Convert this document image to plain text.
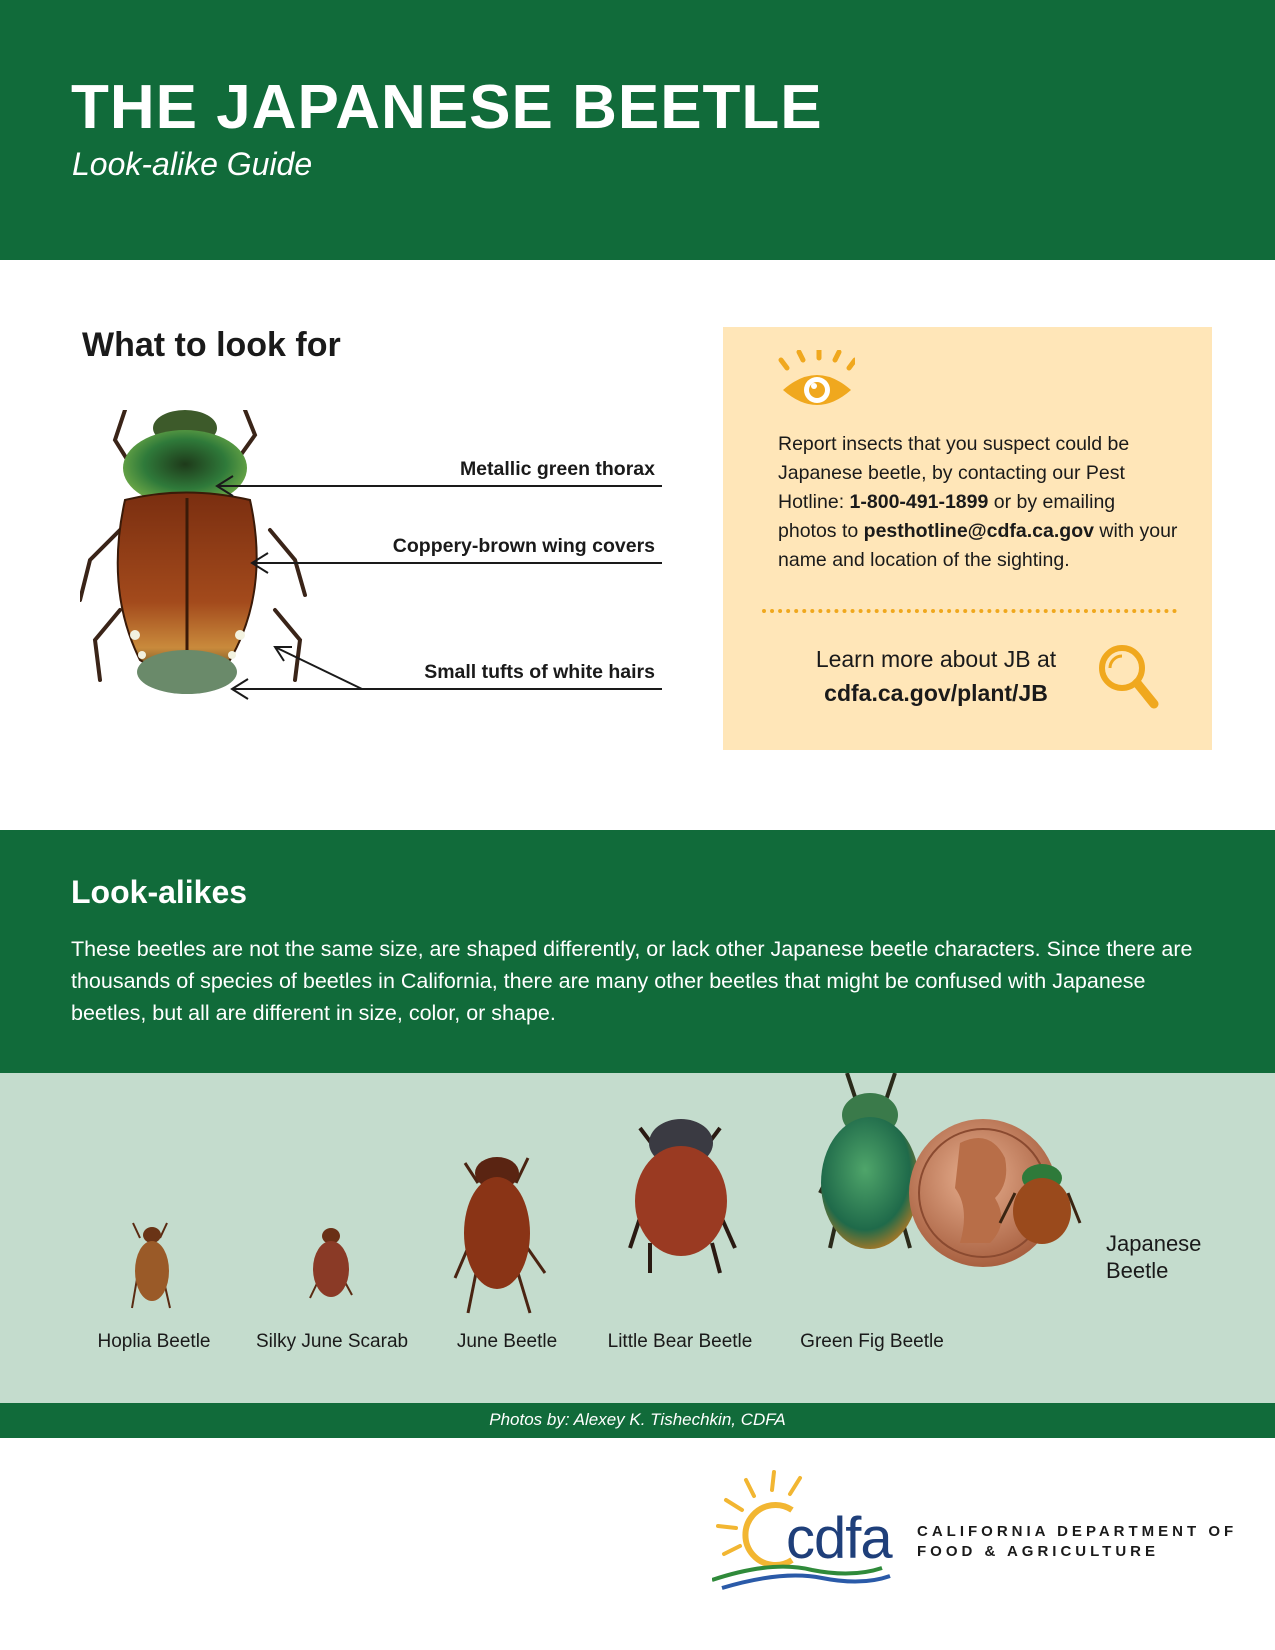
THE JAPANESE BEETLE
Look-alike Guide
What to look for
Metallic green thorax
Coppery-brown wing covers
Small tufts of white hairs

Report insects that you suspect could be Japanese beetle, by contacting our Pest Hotline: 1-800-491-1899 or by emailing photos to pesthotline@cdfa.ca.gov with your name and location of the sighting.

Learn more about JB at
cdfa.ca.gov/plant/JB
Look-alikes

These beetles are not the same size, are shaped differently, or lack other Japanese beetle characters. Since there are thousands of species of beetles in California, there are many other beetles that might be confused with Japanese beetles, but all are different in size, color, or shape.

Hoplia Beetle	Silky June Scarab	June Beetle	Little Bear Beetle	Green Fig Beetle
Japanese Beetle
Photos by: Alexey K. Tishechkin, CDFA
cdfa CALIFORNIA DEPARTMENT OF
FOOD & AGRICULTURE
